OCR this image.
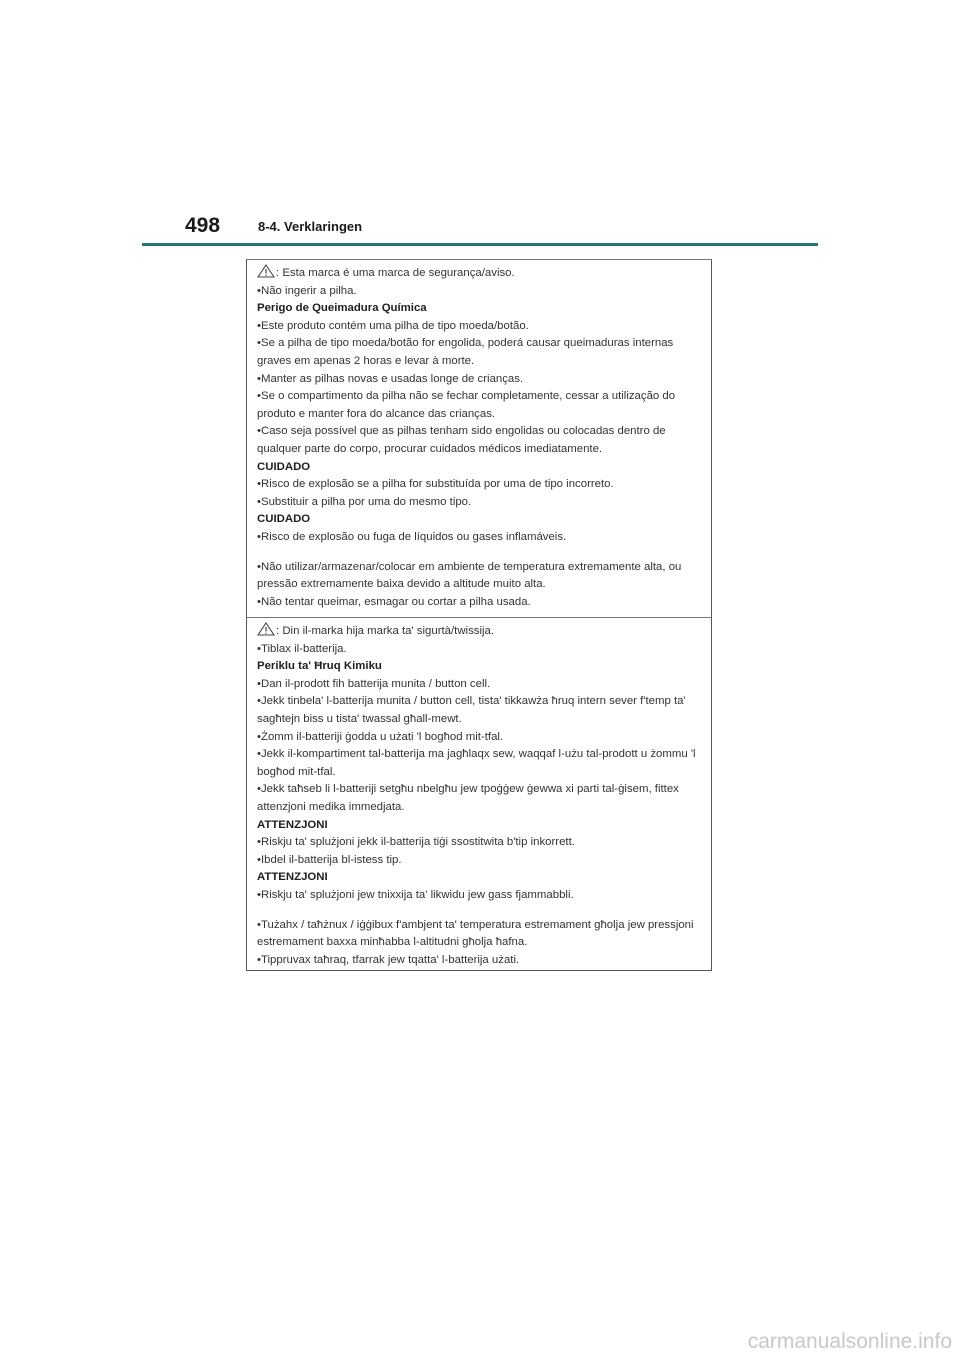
498	8-4. Verklaringen

: Esta marca é uma marca de segurança/aviso.

•Não ingerir a pilha.

Perigo de Queimadura Química

•Este produto contém uma pilha de tipo moeda/botão.

•Se a pilha de tipo moeda/botão for engolida, poderá causar queimaduras internas graves em apenas 2 horas e levar à morte.

•Manter as pilhas novas e usadas longe de crianças.

•Se o compartimento da pilha não se fechar completamente, cessar a utilização do produto e manter fora do alcance das crianças.

•Caso seja possível que as pilhas tenham sido engolidas ou colocadas dentro de qualquer parte do corpo, procurar cuidados médicos imediatamente.

CUIDADO

•Risco de explosão se a pilha for substituída por uma de tipo incorreto.

•Substituir a pilha por uma do mesmo tipo.

CUIDADO

•Risco de explosão ou fuga de líquidos ou gases inflamáveis.

•Não utilizar/armazenar/colocar em ambiente de temperatura extremamente alta, ou pressão extremamente baixa devido a altitude muito alta.

•Não tentar queimar, esmagar ou cortar a pilha usada.

: Din il-marka hija marka ta' sigurtà/twissija.

•Tiblax il-batterija.

Periklu ta' Ħruq Kimiku

•Dan il-prodott fih batterija munita / button cell.

•Jekk tinbela' l-batterija munita / button cell, tista' tikkawża ħruq intern sever f'temp ta' sagħtejn biss u tista' twassal għall-mewt.

•Żomm il-batteriji ġodda u użati 'l bogħod mit-tfal.

•Jekk il-kompartiment tal-batterija ma jagħlaqx sew, waqqaf l-użu tal-prodott u żommu 'l bogħod mit-tfal.

•Jekk taħseb li l-batteriji setgħu nbelgħu jew tpoġġew ġewwa xi parti tal-ġisem, fittex attenzjoni medika immedjata.

ATTENZJONI

•Riskju ta' splużjoni jekk il-batterija tiġi ssostitwita b'tip inkorrett.

•Ibdel il-batterija bl-istess tip.

ATTENZJONI

•Riskju ta' splużjoni jew tnixxija ta' likwidu jew gass fjammabbli.

•Tużahx / taħżnux / iġġibux f'ambjent ta' temperatura estremament għolja jew pressjoni estremament baxxa minħabba l-altitudni għolja ħafna.

•Tippruvax taħraq, tfarrak jew tqatta' l-batterija użati.

carmanualsonline.info
